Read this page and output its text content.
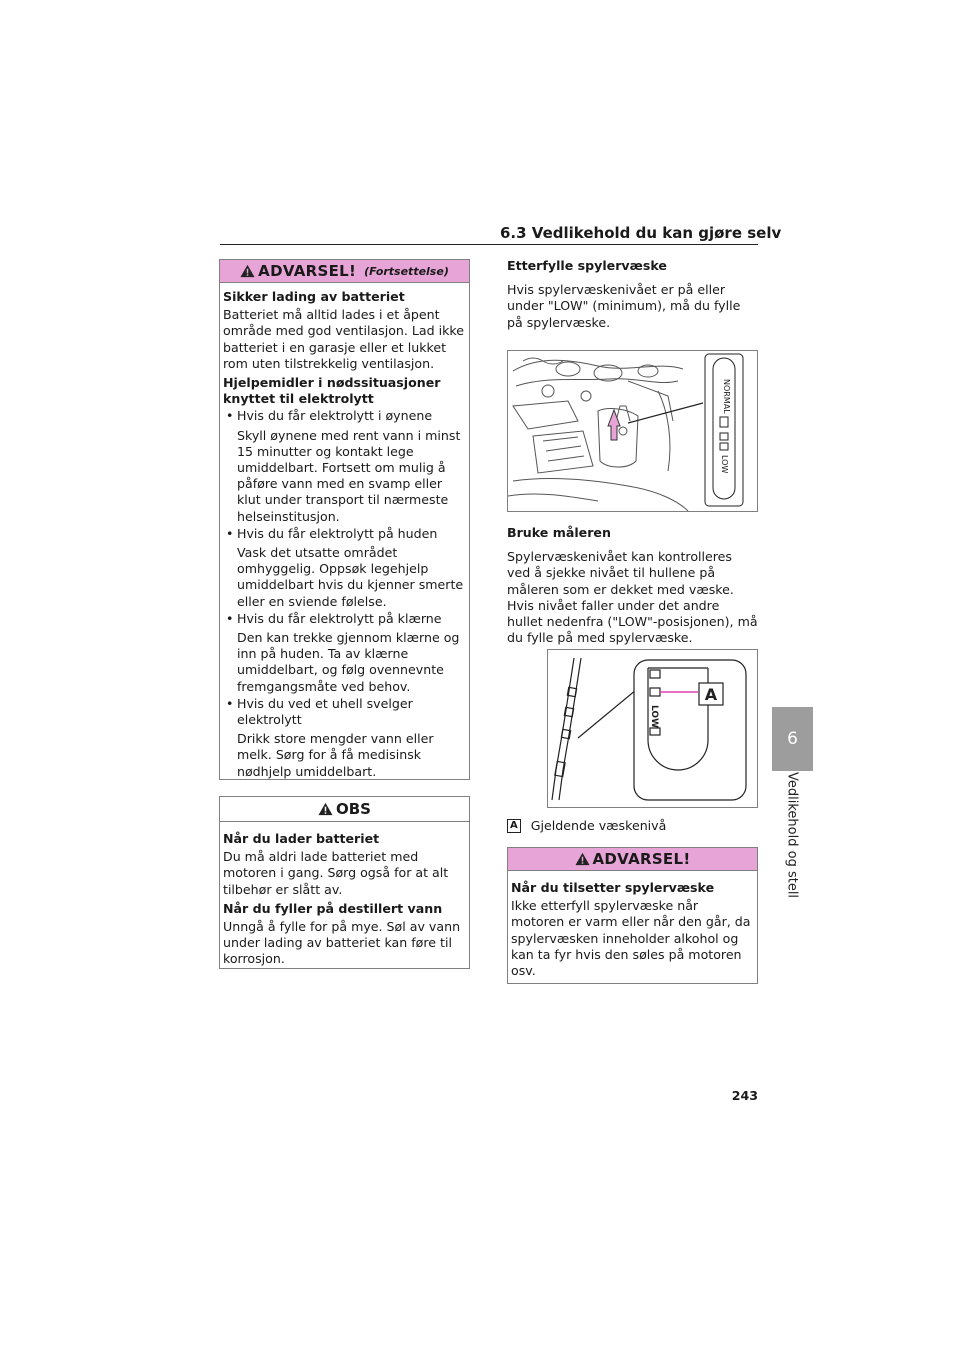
6.3 Vedlikehold du kan gjøre selv
ADVARSEL! (Fortsettelse)
Sikker lading av batteriet

Batteriet må alltid lades i et åpent område med god ventilasjon. Lad ikke batteriet i en garasje eller et lukket rom uten tilstrekkelig ventilasjon.

Hjelpemidler i nødssituasjoner knyttet til elektrolytt
• Hvis du får elektrolytt i øynene
Skyll øynene med rent vann i minst 15 minutter og kontakt lege umiddelbart. Fortsett om mulig å påføre vann med en svamp eller klut under transport til nærmeste helseinstitusjon.
• Hvis du får elektrolytt på huden
Vask det utsatte området omhyggelig. Oppsøk legehjelp umiddelbart hvis du kjenner smerte eller en sviende følelse.
• Hvis du får elektrolytt på klærne
Den kan trekke gjennom klærne og inn på huden. Ta av klærne umiddelbart, og følg ovennevnte fremgangsmåte ved behov.
• Hvis du ved et uhell svelger elektrolytt
Drikk store mengder vann eller melk. Sørg for å få medisinsk nødhjelp umiddelbart.
OBS
Når du lader batteriet

Du må aldri lade batteriet med motoren i gang. Sørg også for at alt tilbehør er slått av.

Når du fyller på destillert vann

Unngå å fylle for på mye. Søl av vann under lading av batteriet kan føre til korrosjon.

Etterfylle spylervæske

Hvis spylervæskenivået er på eller under "LOW" (minimum), må du fylle på spylervæske.

NORMAL
LOW
Bruke måleren

Spylervæskenivået kan kontrolleres ved å sjekke nivået til hullene på måleren som er dekket med væske. Hvis nivået faller under det andre hullet nedenfra ("LOW"-posisjonen), må du fylle på med spylervæske.

LOW
A
A Gjeldende væskenivå
ADVARSEL!
Når du tilsetter spylervæske

Ikke etterfyll spylervæske når motoren er varm eller når den går, da spylervæsken inneholder alkohol og kan ta fyr hvis den søles på motoren osv.

6
Vedlikehold og stell
243
